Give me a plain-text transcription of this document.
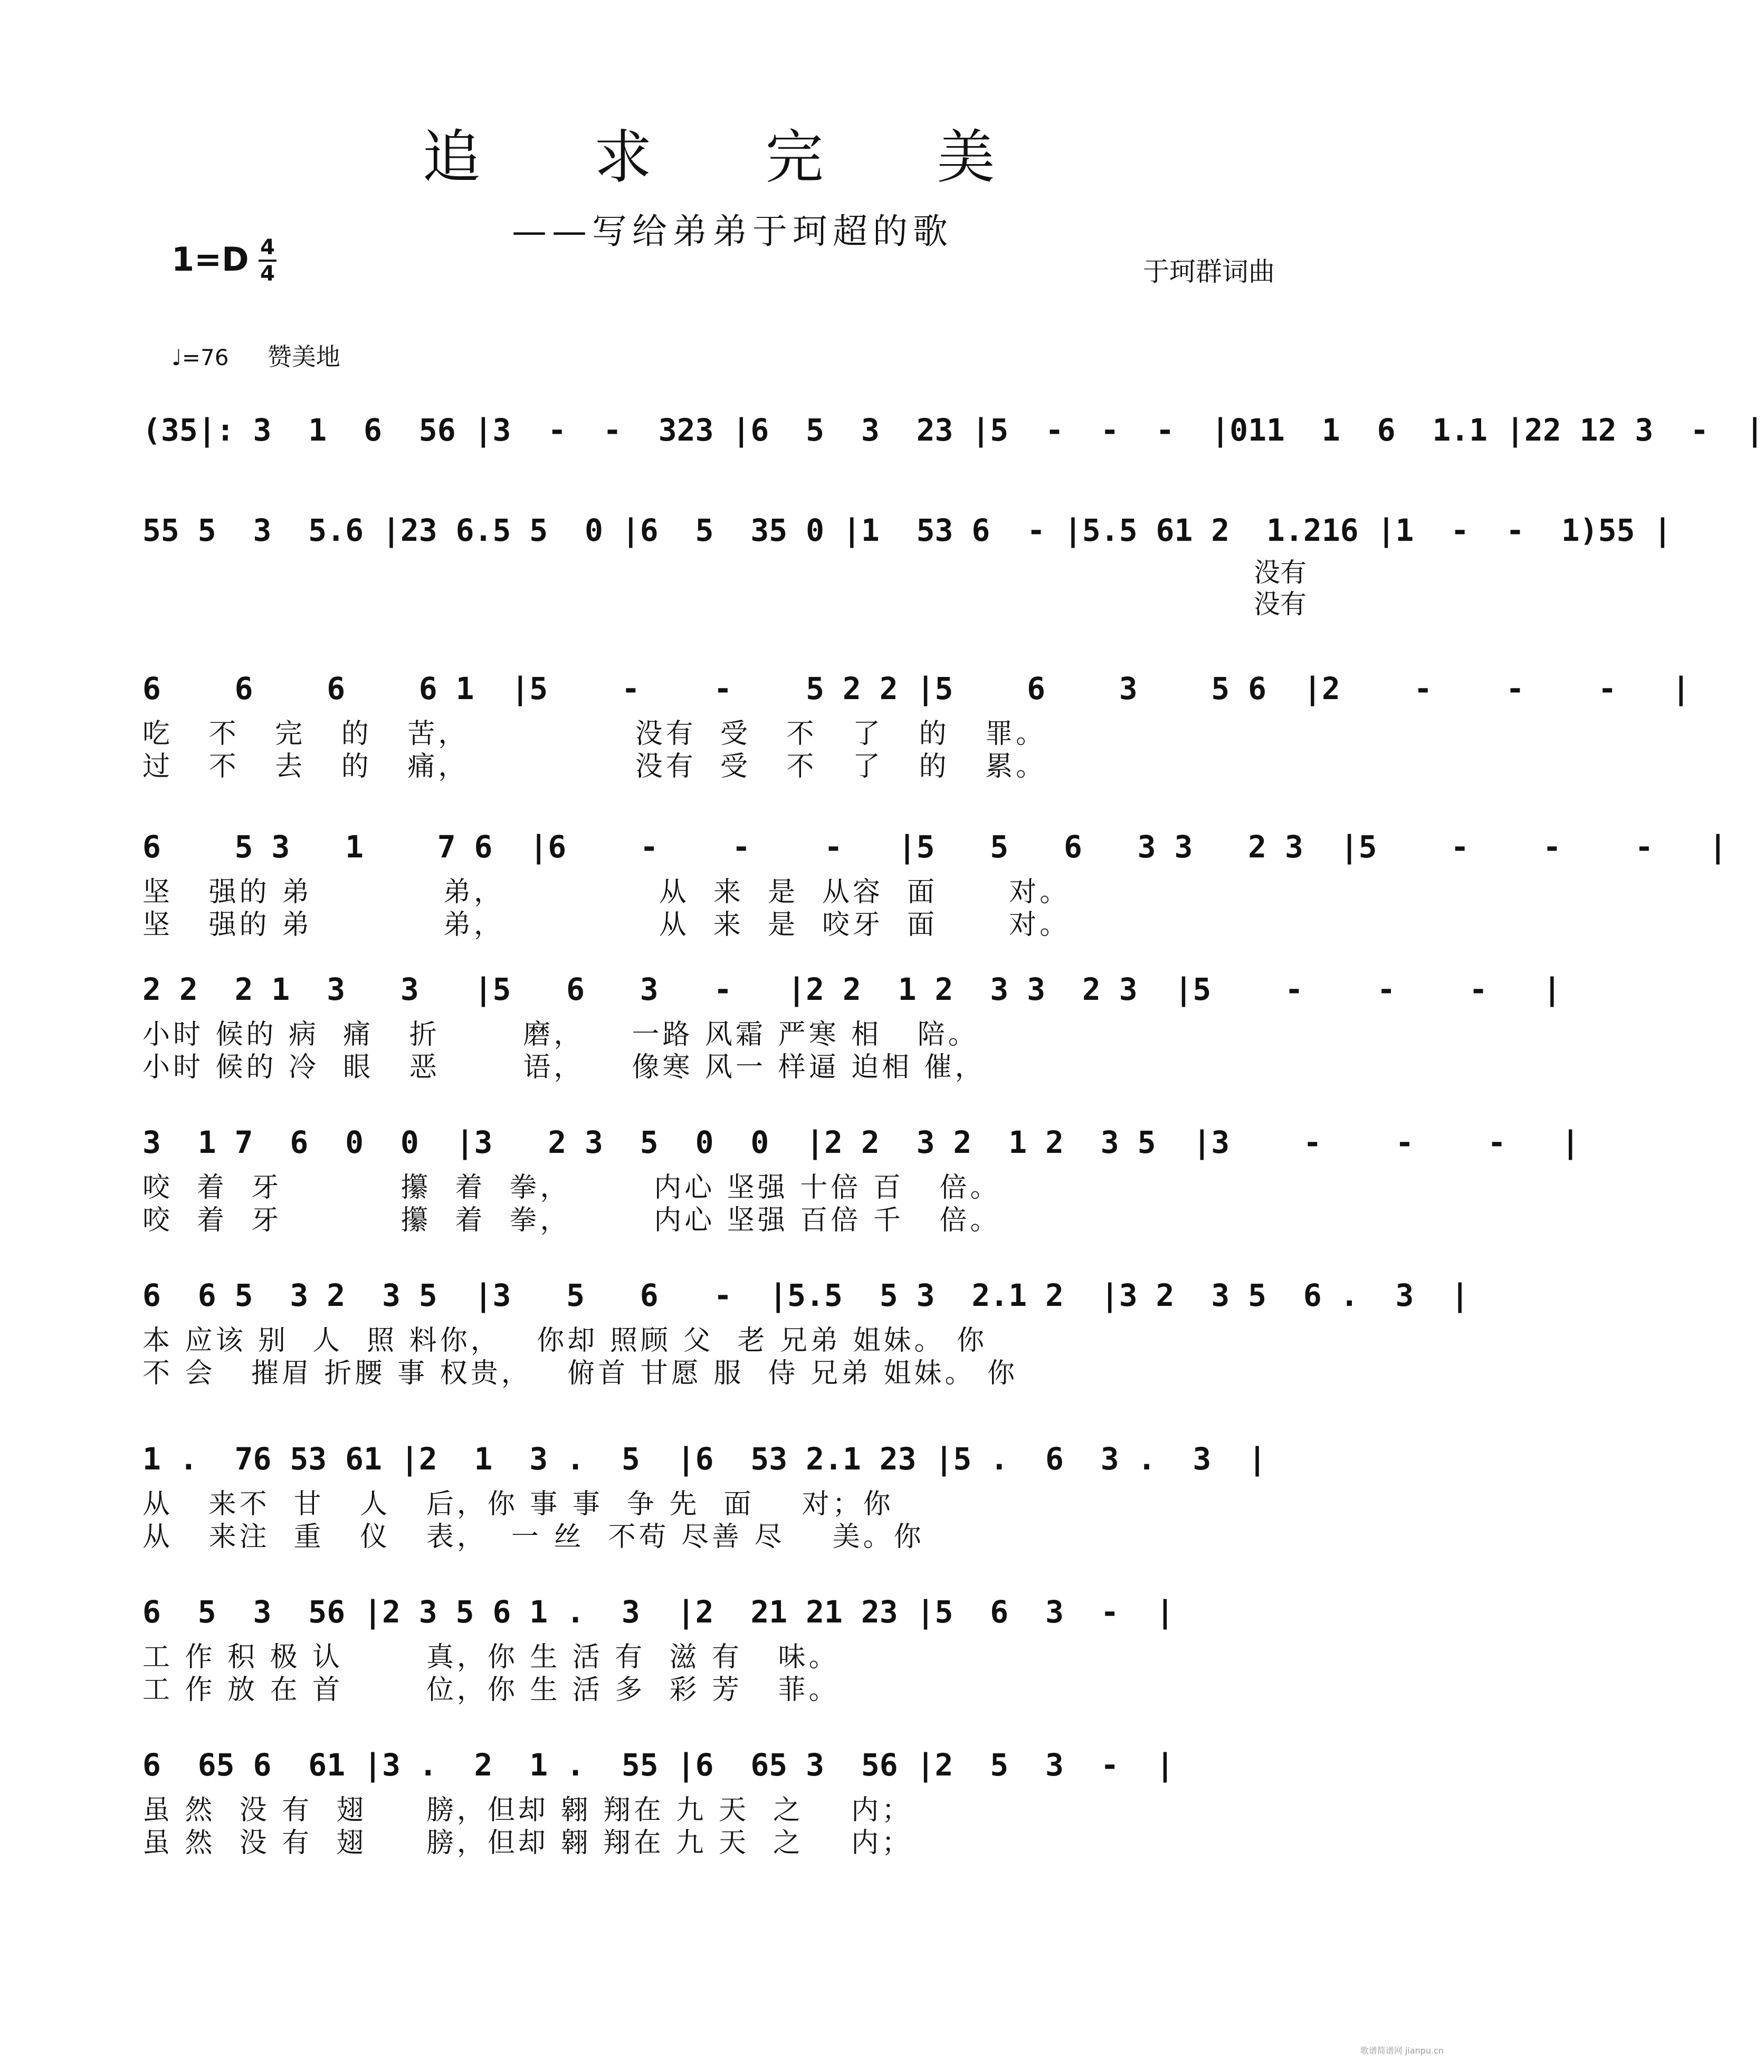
追 求 完 美
——写给弟弟于珂超的歌
1=D 4
4	于珂群词曲
♩=76 赞美地
(35|: 3  1  6  56 |3  -  -  323 |6  5  3  23 |5  -  -  -  |011  1  6  1.1 |22 12 3  -  |
55 5  3  5.6 |23 6.5 5  0 |6  5  35 0 |1  53 6  - |5.5 61 2  1.216 |1  -  -  1)55 |
6    6    6    6 1  |5    -    -    5 2 2 |5    6    3    5 6  |2    -    -    -   |
吃   不   完   的   苦，              没有  受   不   了   的   罪。
过   不   去   的   痛，              没有  受   不   了   的   累。
6    5 3   1    7 6  |6    -    -    -   |5   5   6   3 3   2 3  |5    -    -    -   |
坚   强的 弟           弟，             从  来  是  从容  面      对。
坚   强的 弟           弟，             从  来  是  咬牙  面      对。
2 2  2 1  3   3   |5   6   3   -   |2 2  1 2  3 3  2 3  |5    -    -    -   |
小时 候的 病  痛   折       磨，    一路 风霜 严寒 相   陪。
小时 候的 冷  眼   恶       语，    像寒 风一 样逼 迫相 催，
3  1 7  6  0  0  |3   2 3  5  0  0  |2 2  3 2  1 2  3 5  |3    -    -    -   |
咬  着  牙          攥  着  拳，       内心 坚强 十倍 百   倍。
咬  着  牙          攥  着  拳，       内心 坚强 百倍 千   倍。
6  6 5  3 2  3 5  |3   5   6   -  |5.5  5 3  2.1 2  |3 2  3 5  6 .  3  |
本 应该 别  人  照 料你，   你却 照顾 父  老 兄弟 姐妹。 你
不 会   摧眉 折腰 事 权贵，   俯首 甘愿 服  侍 兄弟 姐妹。 你
1 .  76 53 61 |2  1  3 .  5  |6  53 2.1 23 |5 .  6  3 .  3  |
从   来不  甘   人   后，你 事 事  争 先  面    对；你
从   来注  重   仪   表，  一 丝  不苟 尽善 尽    美。你
6  5  3  56 |2 3 5 6 1 .  3  |2  21 21 23 |5  6  3  -  |
工 作 积 极 认       真，你 生 活 有  滋 有   味。
工 作 放 在 首       位，你 生 活 多  彩 芳   菲。
6  65 6  61 |3 .  2  1 .  55 |6  65 3  56 |2  5  3  -  |
虽 然  没 有  翅     膀，但却 翱 翔在 九 天  之    内；
虽 然  没 有  翅     膀，但却 翱 翔在 九 天  之    内；
歌谱简谱网 jianpu.cn
没有
没有
